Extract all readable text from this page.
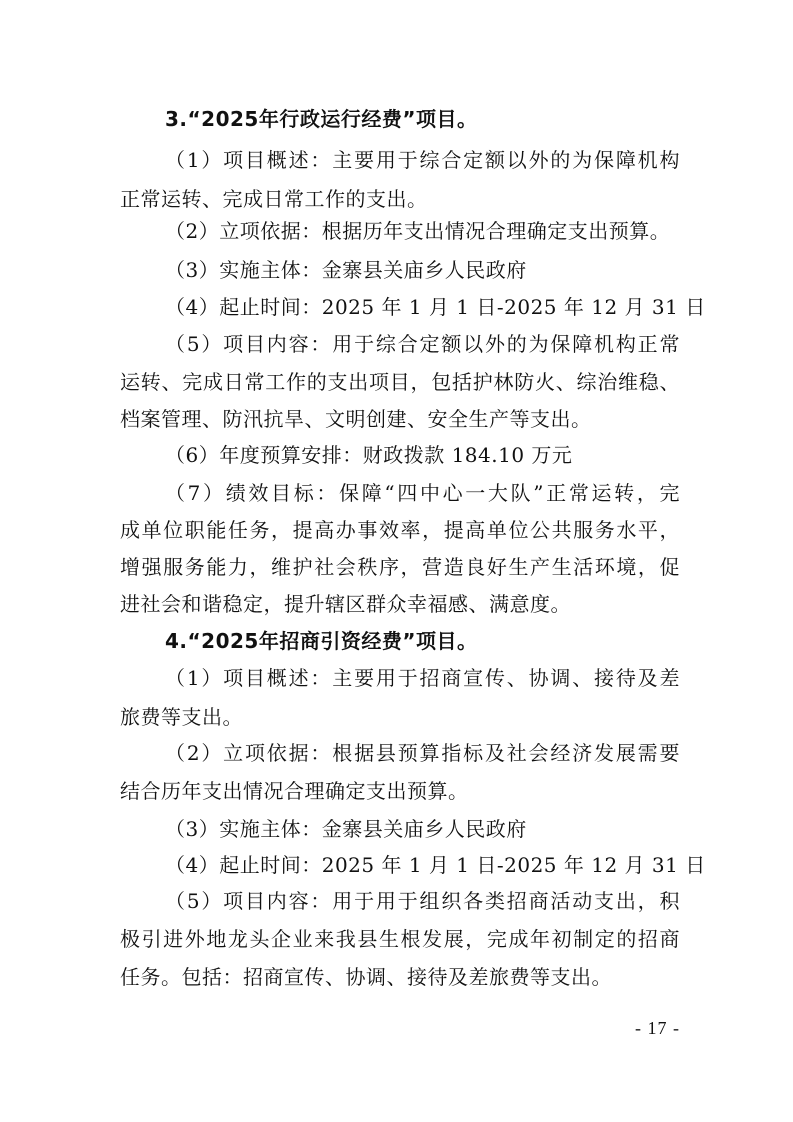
3.“2025年行政运行经费”项目。
（1）项目概述：主要用于综合定额以外的为保障机构
正常运转、完成日常工作的支出。
（2）立项依据：根据历年支出情况合理确定支出预算。
（3）实施主体：金寨县关庙乡人民政府
（4）起止时间：2025 年 1 月 1 日-2025 年 12 月 31 日
（5）项目内容：用于综合定额以外的为保障机构正常
运转、完成日常工作的支出项目，包括护林防火、综治维稳、
档案管理、防汛抗旱、文明创建、安全生产等支出。
（6）年度预算安排：财政拨款 184.10 万元
（7）绩效目标：保障“四中心一大队”正常运转，完
成单位职能任务，提高办事效率，提高单位公共服务水平，
增强服务能力，维护社会秩序，营造良好生产生活环境，促
进社会和谐稳定，提升辖区群众幸福感、满意度。
4.“2025年招商引资经费”项目。
（1）项目概述：主要用于招商宣传、协调、接待及差
旅费等支出。
（2）立项依据：根据县预算指标及社会经济发展需要
结合历年支出情况合理确定支出预算。
（3）实施主体：金寨县关庙乡人民政府
（4）起止时间：2025 年 1 月 1 日-2025 年 12 月 31 日
（5）项目内容：用于用于组织各类招商活动支出，积
极引进外地龙头企业来我县生根发展，完成年初制定的招商
任务。包括：招商宣传、协调、接待及差旅费等支出。
- 17 -
